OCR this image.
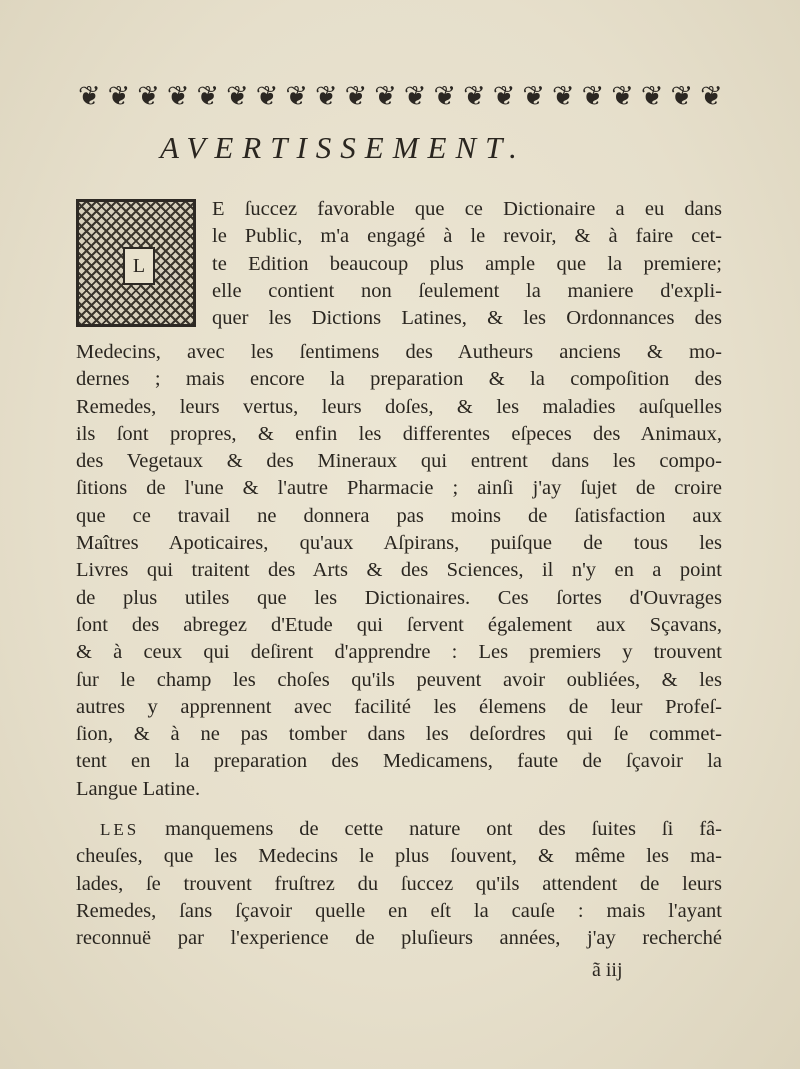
❦ ❦ ❦ ❦ ❦ ❦ ❦ ❦ ❦ ❦ ❦ ❦ ❦ ❦ ❦ ❦ ❦ ❦ ❦ ❦ ❦ ❦
AVERTISSEMENT.
L
E ſuccez favorable que ce Dictionaire a eu dans
le Public, m'a engagé à le revoir, & à faire cet-
te Edition beaucoup plus ample que la premiere;
elle contient non ſeulement la maniere d'expli-
quer les Dictions Latines, & les Ordonnances des
Medecins, avec les ſentimens des Autheurs anciens & mo-
dernes ; mais encore la preparation & la compoſition des
Remedes, leurs vertus, leurs doſes, & les maladies auſquelles
ils ſont propres, & enfin les differentes eſpeces des Animaux,
des Vegetaux & des Mineraux qui entrent dans les compo-
ſitions de l'une & l'autre Pharmacie ; ainſi j'ay ſujet de croire
que ce travail ne donnera pas moins de ſatisfaction aux
Maîtres Apoticaires, qu'aux Aſpirans, puiſque de tous les
Livres qui traitent des Arts & des Sciences, il n'y en a point
de plus utiles que les Dictionaires. Ces ſortes d'Ouvrages
ſont des abregez d'Etude qui ſervent également aux Sçavans,
& à ceux qui deſirent d'apprendre : Les premiers y trouvent
ſur le champ les choſes qu'ils peuvent avoir oubliées, & les
autres y apprennent avec facilité les élemens de leur Profeſ-
ſion, & à ne pas tomber dans les deſordres qui ſe commet-
tent en la preparation des Medicamens, faute de ſçavoir la
Langue Latine.
LES manquemens de cette nature ont des ſuites ſi fâ-
cheuſes, que les Medecins le plus ſouvent, & même les ma-
lades, ſe trouvent fruſtrez du ſuccez qu'ils attendent de leurs
Remedes, ſans ſçavoir quelle en eſt la cauſe : mais l'ayant
reconnuë par l'experience de pluſieurs années, j'ay recherché
ã iij
